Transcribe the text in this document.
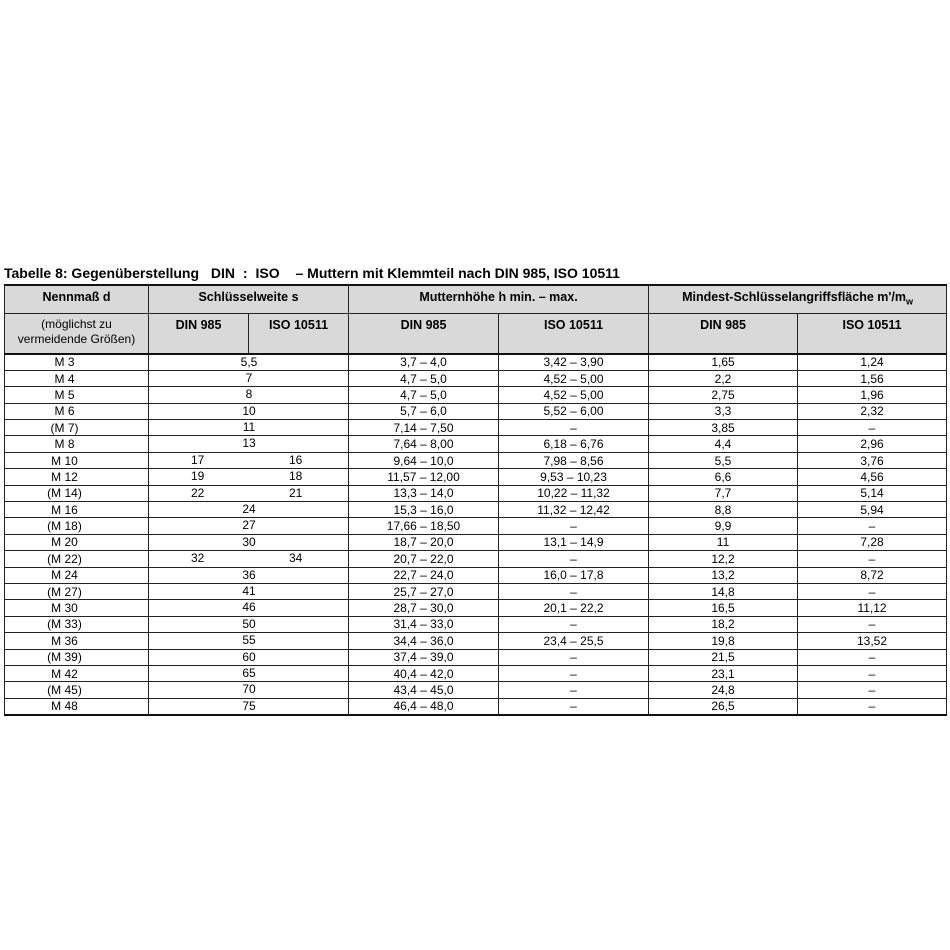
Tabelle 8: Gegenüberstellung DIN : ISO – Muttern mit Klemmteil nach DIN 985, ISO 10511
Nennmaß d	Schlüsselweite s	Mutternhöhe h min. – max.		Mindest-Schlüsselangriffsfläche $m'/m_w$
(möglichst zu vermeidende Größen)	DIN 985 ISO 10511	DIN 985	ISO 10511	DIN 985	ISO 10511
M 3	5,5	3,7 – 4,0	3,42 – 3,90	1,65	1,24
M 4	7	4,7 – 5,0	4,52 – 5,00	2,2	1,56
M 5	8	4,7 – 5,0	4,52 – 5,00	2,75	1,96
M 6	10	5,7 – 6,0	5,52 – 6,00	3,3	2,32
(M 7)	11	7,14 – 7,50	–	3,85	–
M 8	13	7,64 – 8,00	6,18 – 6,76	4,4	2,96
M 10	17 16	9,64 – 10,0	7,98 – 8,56	5,5	3,76
M 12	19 18	11,57 – 12,00	9,53 – 10,23	6,6	4,56
(M 14)	22 21	13,3 – 14,0	10,22 – 11,32	7,7	5,14
M 16	24	15,3 – 16,0	11,32 – 12,42	8,8	5,94
(M 18)	27	17,66 – 18,50	–	9,9	–
M 20	30	18,7 – 20,0	13,1 – 14,9	11	7,28
(M 22)	32 34	20,7 – 22,0	–	12,2	–
M 24	36	22,7 – 24,0	16,0 – 17,8	13,2	8,72
(M 27)	41	25,7 – 27,0	–	14,8	–
M 30	46	28,7 – 30,0	20,1 – 22,2	16,5	11,12
(M 33)	50	31,4 – 33,0	–	18,2	–
M 36	55	34,4 – 36,0	23,4 – 25,5	19,8	13,52
(M 39)	60	37,4 – 39,0	–	21,5	–
M 42	65	40,4 – 42,0	–	23,1	–
(M 45)	70	43,4 – 45,0	–	24,8	–
M 48	75	46,4 – 48,0	–	26,5	–
